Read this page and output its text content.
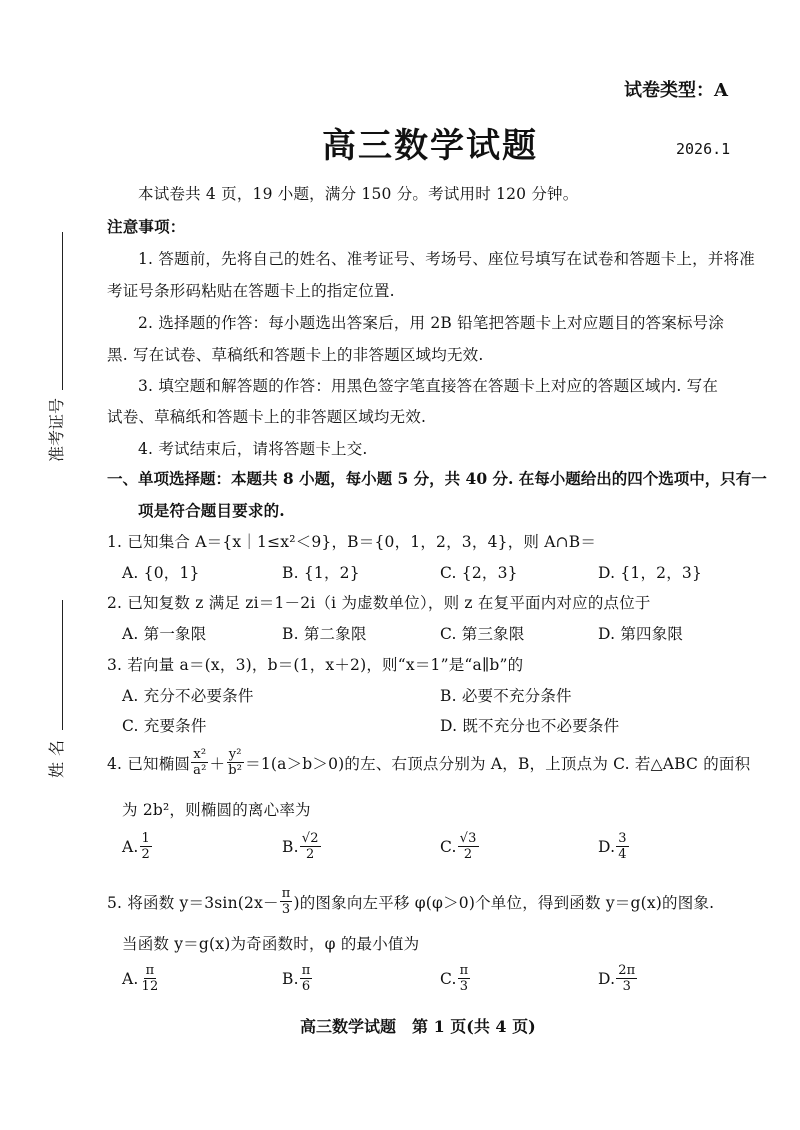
试卷类型：A
高三数学试题	2026.1
本试卷共 4 页，19 小题，满分 150 分。考试用时 120 分钟。
注意事项：
1. 答题前，先将自己的姓名、准考证号、考场号、座位号填写在试卷和答题卡上，并将准
考证号条形码粘贴在答题卡上的指定位置.
2. 选择题的作答：每小题选出答案后，用 2B 铅笔把答题卡上对应题目的答案标号涂
黑. 写在试卷、草稿纸和答题卡上的非答题区域均无效.
3. 填空题和解答题的作答：用黑色签字笔直接答在答题卡上对应的答题区域内. 写在
试卷、草稿纸和答题卡上的非答题区域均无效.
4. 考试结束后，请将答题卡上交.
一、单项选择题：本题共 8 小题，每小题 5 分，共 40 分. 在每小题给出的四个选项中，只有一
项是符合题目要求的.
1. 已知集合 A＝{x｜1≤x²＜9}，B＝{0，1，2，3，4}，则 A∩B＝
A. {0，1}	B. {1，2}	C. {2，3}	D. {1，2，3}
2. 已知复数 z 满足 zi＝1－2i（i 为虚数单位），则 z 在复平面内对应的点位于
A. 第一象限	B. 第二象限	C. 第三象限	D. 第四象限
3. 若向量 a＝(x，3)，b＝(1，x＋2)，则“x＝1”是“a∥b”的
A. 充分不必要条件	B. 必要不充分条件
C. 充要条件	D. 既不充分也不必要条件
4. 已知椭圆 $\frac{\text{x²}}{\text{a²}} + \frac{\text{y²}}{\text{b²}} =1(a>b>0)$的左、右顶点分别为 A，B，上顶点为 C. 若△ABC 的面积
为 2b²，则椭圆的离心率为
A. $\frac{1}{2}$	B. $\frac{√2}{2}$	C. $\frac{√3}{2}$	D. $\frac{3}{4}$
5. 将函数 $y=3\sin(2x- \frac{\pi}{3}$ )的图象向左平移 φ(φ＞0)个单位，得到函数 y＝g(x)的图象.
当函数 y＝g(x)为奇函数时，φ 的最小值为
A. $\frac{\pi}{12}$	B. $\frac{\pi}{6}$	C. $\frac{\pi}{3}$	D. $\frac{2\pi}{3}$
高三数学试题　第 1 页(共 4 页)
准考证号
姓名
